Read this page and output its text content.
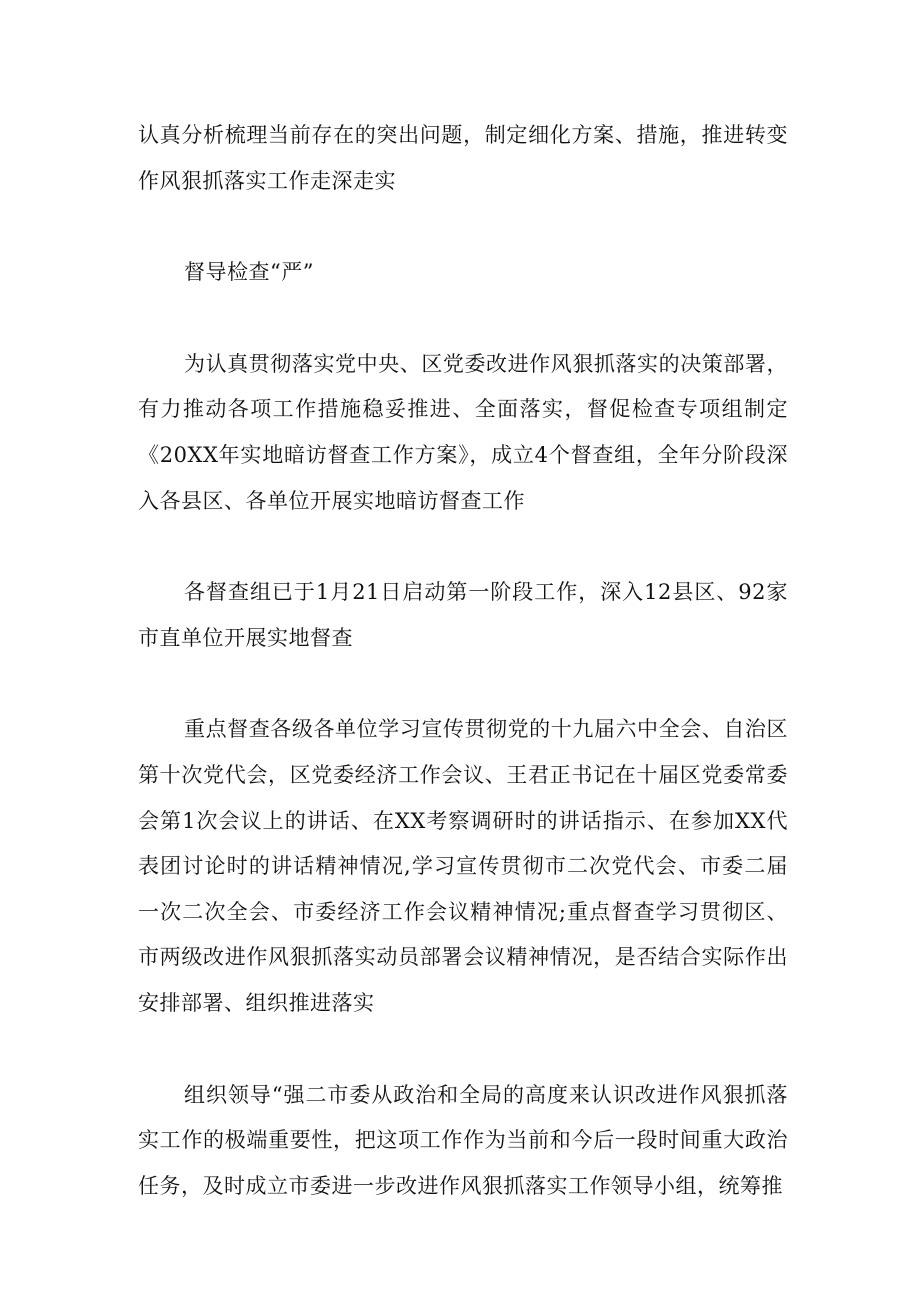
认真分析梳理当前存在的突出问题，制定细化方案、措施，推进转变作风狠抓落实工作走深走实

督导检查“严”

为认真贯彻落实党中央、区党委改进作风狠抓落实的决策部署，有力推动各项工作措施稳妥推进、全面落实，督促检查专项组制定《20XX年实地暗访督查工作方案》，成立4个督查组，全年分阶段深入各县区、各单位开展实地暗访督查工作

各督查组已于1月21日启动第一阶段工作，深入12县区、92家市直单位开展实地督查

重点督查各级各单位学习宣传贯彻党的十九届六中全会、自治区第十次党代会，区党委经济工作会议、王君正书记在十届区党委常委会第1次会议上的讲话、在XX考察调研时的讲话指示、在参加XX代表团讨论时的讲话精神情况,学习宣传贯彻市二次党代会、市委二届一次二次全会、市委经济工作会议精神情况;重点督查学习贯彻区、市两级改进作风狠抓落实动员部署会议精神情况，是否结合实际作出安排部署、组织推进落实

组织领导“强二市委从政治和全局的高度来认识改进作风狠抓落实工作的极端重要性，把这项工作作为当前和今后一段时间重大政治任务，及时成立市委进一步改进作风狠抓落实工作领导小组，统筹推
